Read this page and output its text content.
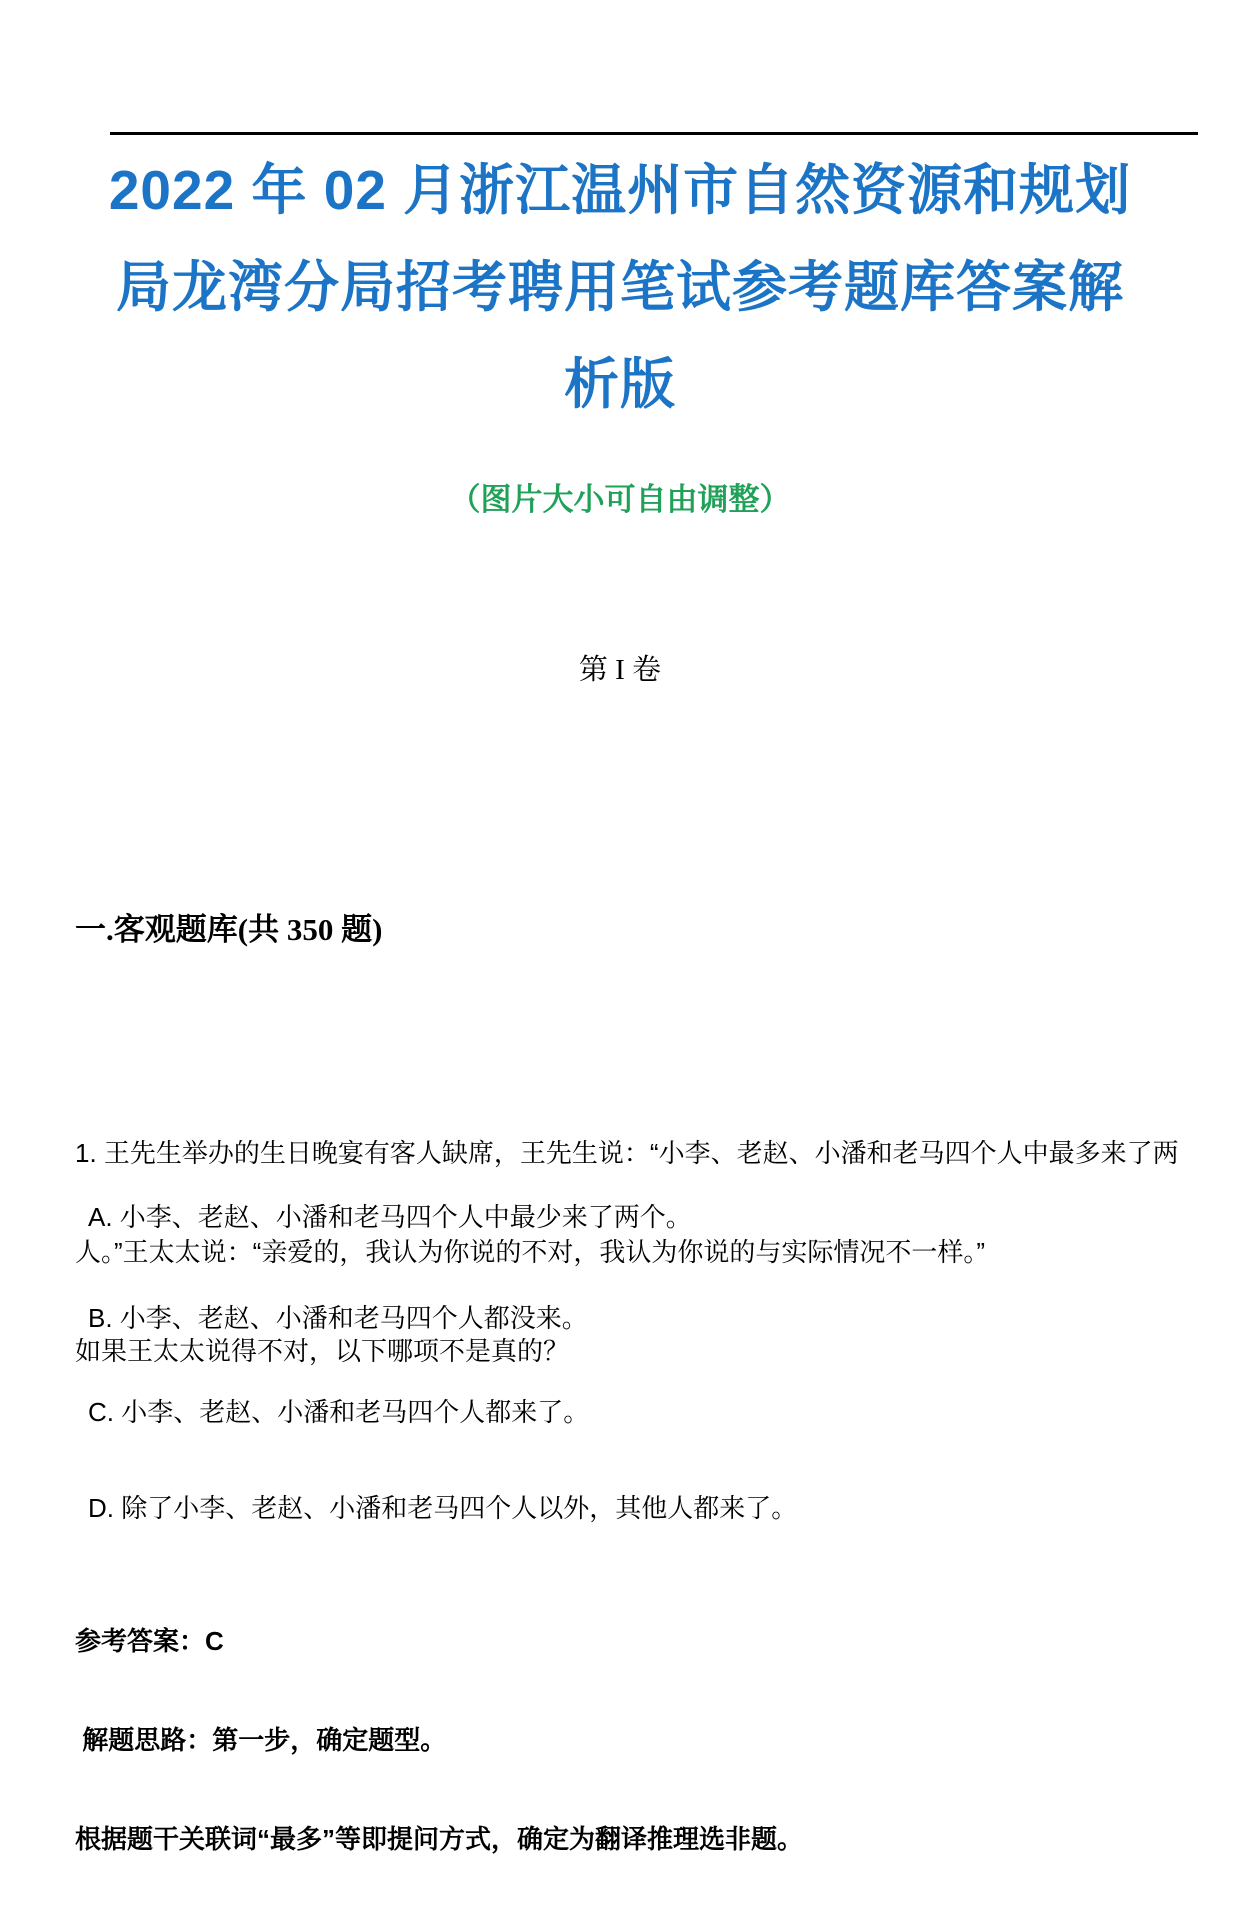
2022 年 02 月浙江温州市自然资源和规划
局龙湾分局招考聘用笔试参考题库答案解
析版
（图片大小可自由调整）
第 I 卷
一.客观题库(共 350 题)

1. 王先生举办的生日晚宴有客人缺席，王先生说：“小李、老赵、小潘和老马四个人中最多来了两

人。”王太太说：“亲爱的，我认为你说的不对，我认为你说的与实际情况不一样。”

如果王太太说得不对，以下哪项不是真的？

A. 小李、老赵、小潘和老马四个人中最少来了两个。
B. 小李、老赵、小潘和老马四个人都没来。
C. 小李、老赵、小潘和老马四个人都来了。
D. 除了小李、老赵、小潘和老马四个人以外，其他人都来了。

参考答案：C

解题思路：第一步，确定题型。

根据题干关联词“最多”等即提问方式，确定为翻译推理选非题。
